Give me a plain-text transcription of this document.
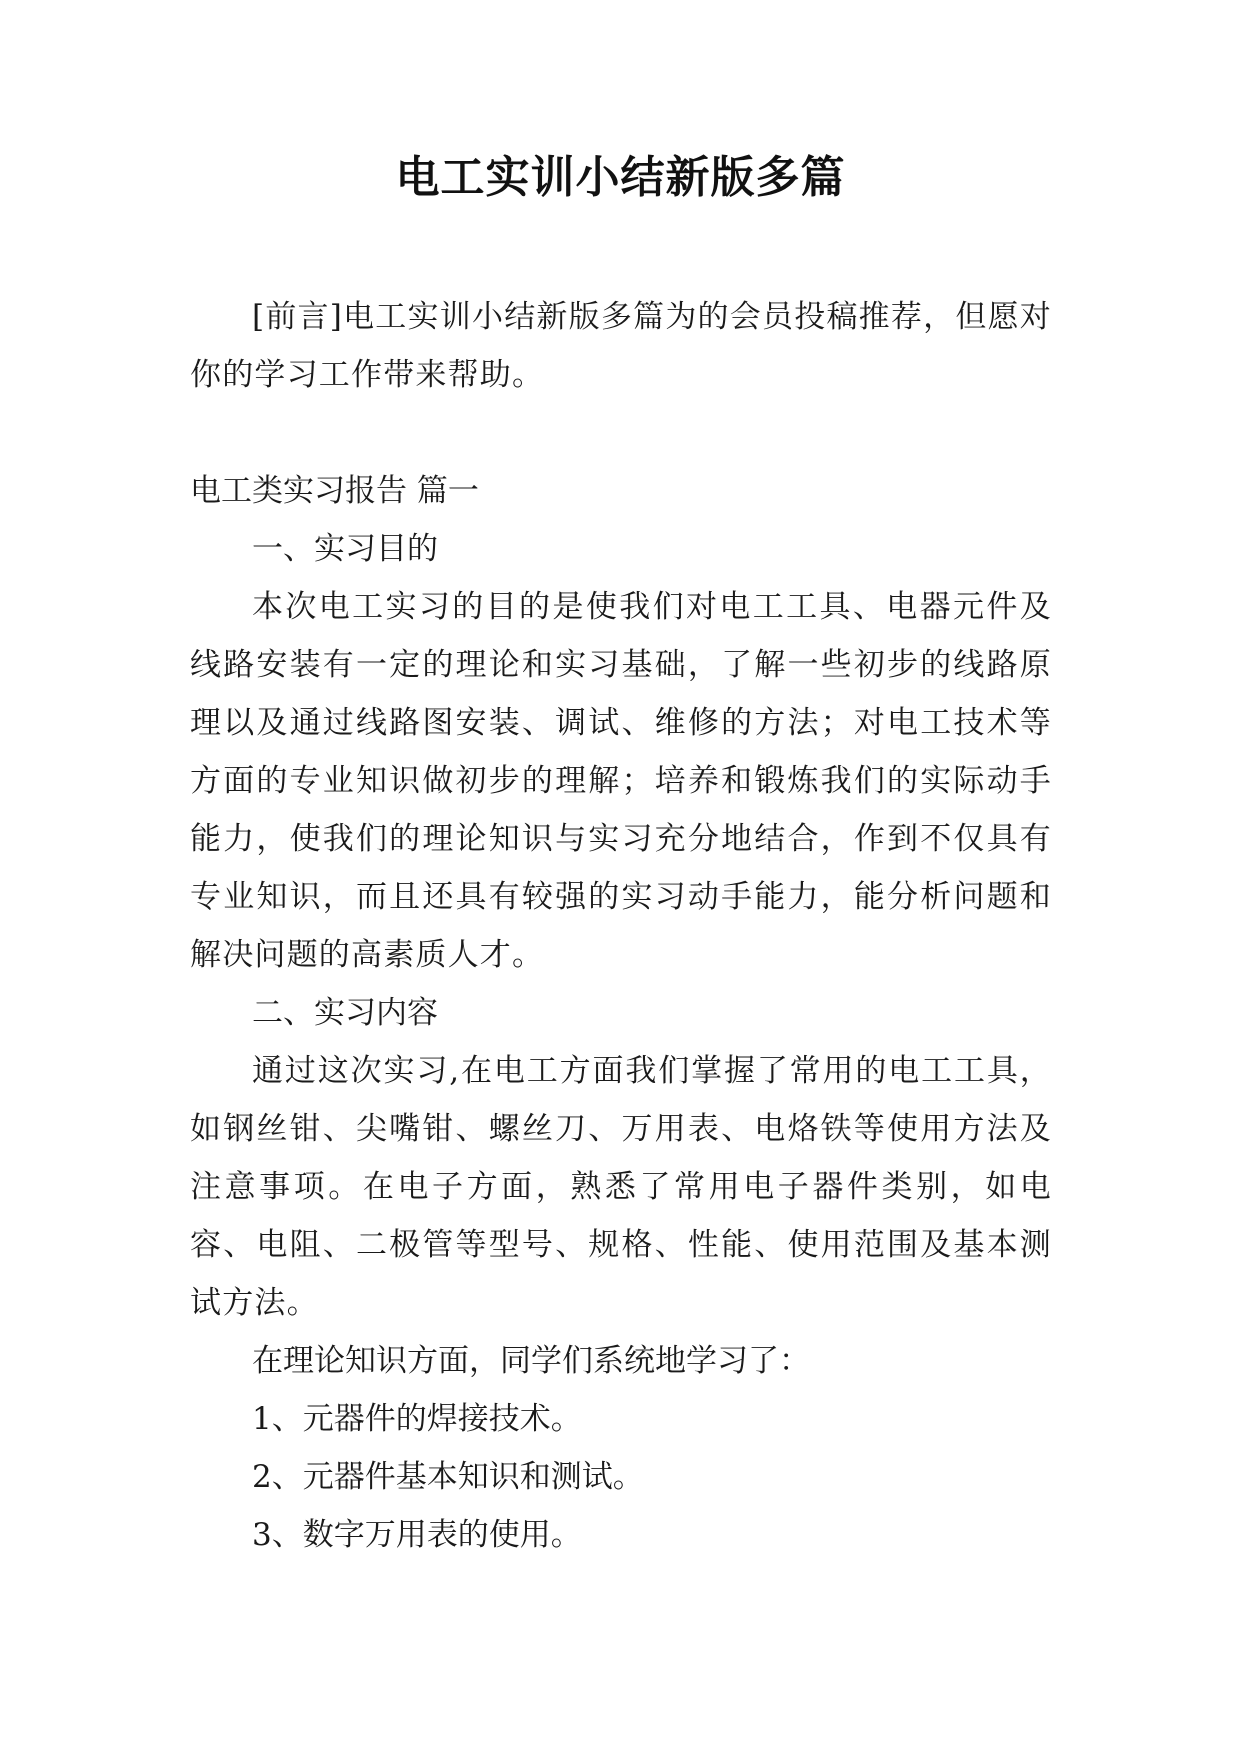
电工实训小结新版多篇

[前言]电工实训小结新版多篇为的会员投稿推荐，但愿对你的学习工作带来帮助。

电工类实习报告 篇一

一、实习目的

本次电工实习的目的是使我们对电工工具、电器元件及线路安装有一定的理论和实习基础，了解一些初步的线路原理以及通过线路图安装、调试、维修的方法；对电工技术等方面的专业知识做初步的理解；培养和锻炼我们的实际动手能力，使我们的理论知识与实习充分地结合，作到不仅具有专业知识，而且还具有较强的实习动手能力，能分析问题和解决问题的高素质人才。

二、实习内容

通过这次实习,在电工方面我们掌握了常用的电工工具，如钢丝钳、尖嘴钳、螺丝刀、万用表、电烙铁等使用方法及注意事项。在电子方面，熟悉了常用电子器件类别，如电容、电阻、二极管等型号、规格、性能、使用范围及基本测试方法。

在理论知识方面，同学们系统地学习了：

1、元器件的焊接技术。

2、元器件基本知识和测试。

3、数字万用表的使用。
